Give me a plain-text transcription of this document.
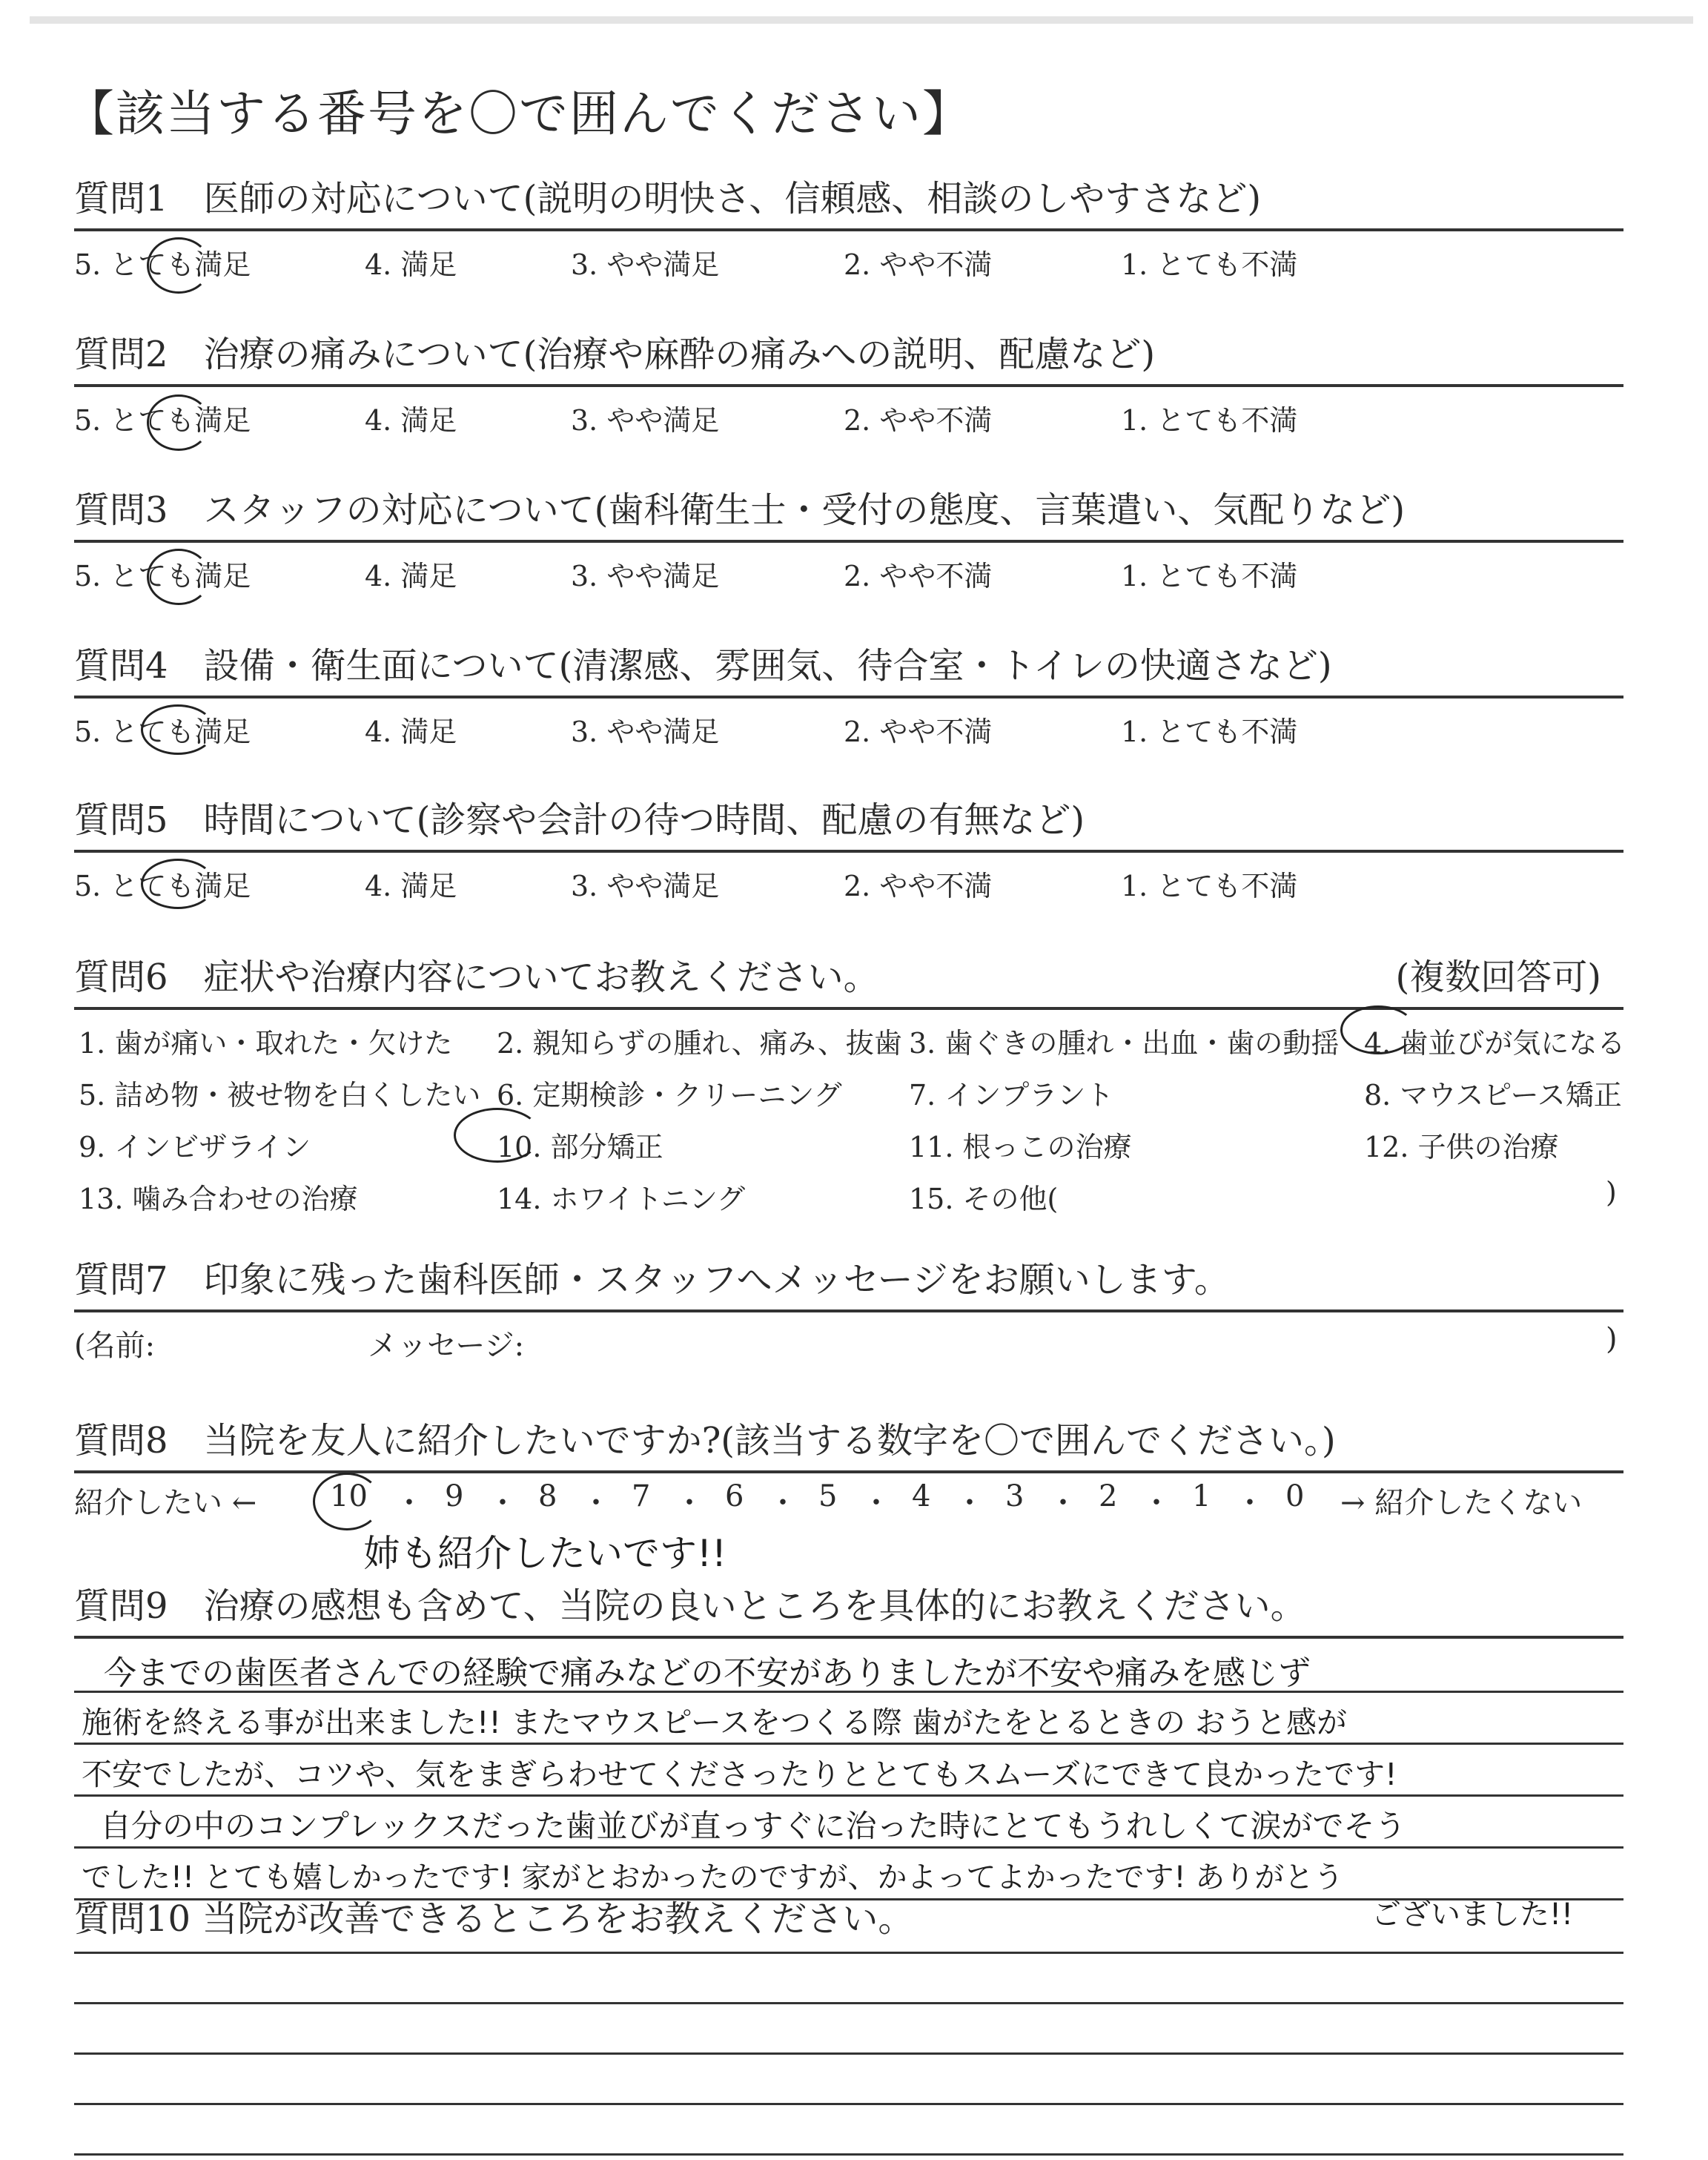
【該当する番号を〇で囲んでください】
質問1　 医師の対応について(説明の明快さ、信頼感、相談のしやすさなど)
5. とても満足	4. 満足	3. やや満足	2. やや不満	1. とても不満
質問2　 治療の痛みについて(治療や麻酔の痛みへの説明、配慮など)
5. とても満足	4. 満足	3. やや満足	2. やや不満	1. とても不満
質問3　 スタッフの対応について(歯科衛生士・受付の態度、言葉遣い、気配りなど)
5. とても満足	4. 満足	3. やや満足	2. やや不満	1. とても不満
質問4　 設備・衛生面について(清潔感、雰囲気、待合室・トイレの快適さなど)
5. とても満足	4. 満足	3. やや満足	2. やや不満	1. とても不満
質問5　 時間について(診察や会計の待つ時間、配慮の有無など)
5. とても満足	4. 満足	3. やや満足	2. やや不満	1. とても不満
質問6　 症状や治療内容についてお教えください。	(複数回答可)
1. 歯が痛い・取れた・欠けた 2. 親知らずの腫れ、痛み、抜歯 3. 歯ぐきの腫れ・出血・歯の動揺 4. 歯並びが気になる
5. 詰め物・被せ物を白くしたい 6. 定期検診・クリーニング 7. インプラント	8. マウスピース矯正
9. インビザライン	10. 部分矯正	11. 根っこの治療	12. 子供の治療
13. 噛み合わせの治療	14. ホワイトニング	15. その他(	)
質問7　 印象に残った歯科医師・スタッフへメッセージをお願いします。
(名前:	メッセージ:	)
質問8　 当院を友人に紹介したいですか?(該当する数字を〇で囲んでください。)
紹介したい ← 10 ・ 9 ・ 8 ・ 7 ・ 6 ・ 5 ・ 4 ・ 3 ・ 2 ・ 1 ・ 0 → 紹介したくない
姉も紹介したいです!!
質問9　 治療の感想も含めて、当院の良いところを具体的にお教えください。
今までの歯医者さんでの経験で痛みなどの不安がありましたが不安や痛みを感じず
施術を終える事が出来ました!! またマウスピースをつくる際 歯がたをとるときの おうと感が
不安でしたが、コツや、気をまぎらわせてくださったりととてもスムーズにできて良かったです!
自分の中のコンプレックスだった歯並びが直っすぐに治った時にとてもうれしくて涙がでそう
でした!! とても嬉しかったです! 家がとおかったのですが、かよってよかったです! ありがとう
ございました!!
質問10 当院が改善できるところをお教えください。
